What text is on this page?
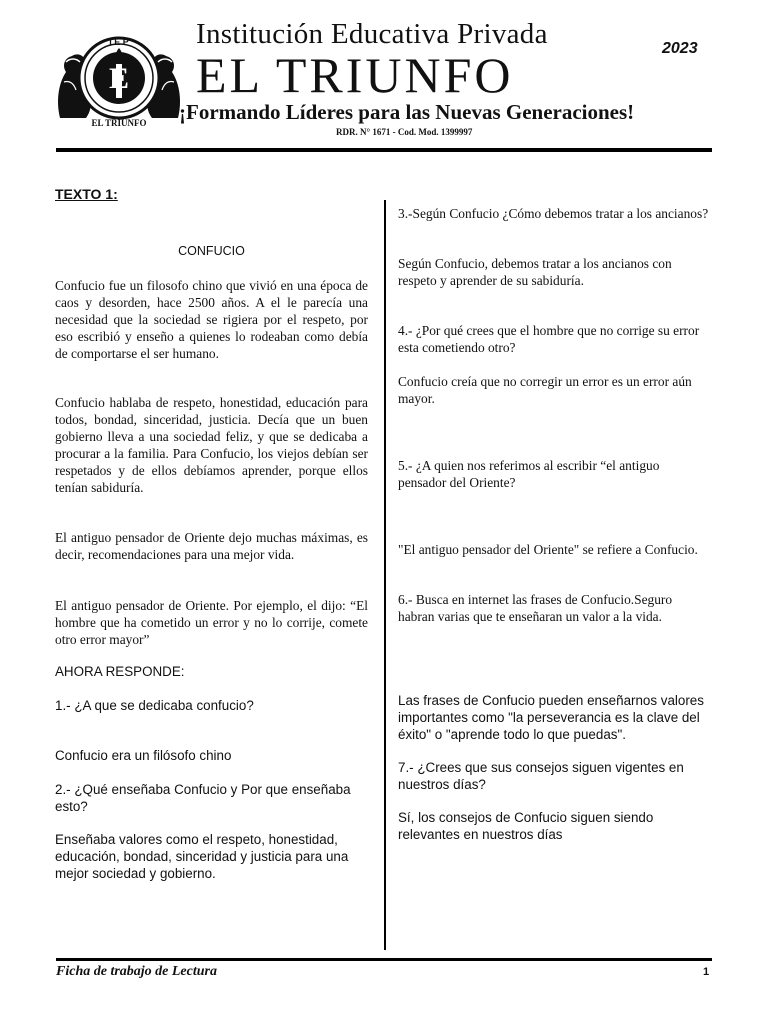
E
I E P
EL TRIUNFO
Institución Educativa Privada	2023
EL TRIUNFO
¡Formando Líderes para las Nuevas Generaciones!
RDR. N° 1671 - Cod. Mod. 1399997
TEXTO 1:
CONFUCIO

Confucio fue un filosofo chino que vivió en una época de caos y desorden, hace 2500 años. A el le parecía una necesidad que la sociedad se rigiera por el respeto, por eso escribió y enseño a quienes lo rodeaban como debía de comportarse el ser humano.

Confucio hablaba de respeto, honestidad, educación para todos, bondad, sinceridad, justicia. Decía que un buen gobierno lleva a una sociedad feliz, y que se dedicaba a procurar a la familia. Para Confucio, los viejos debían ser respetados y de ellos debíamos aprender, porque ellos tenían sabiduría.

El antiguo pensador de Oriente dejo muchas máximas, es decir, recomendaciones para una mejor vida.

El antiguo pensador de Oriente. Por ejemplo, el dijo: “El hombre que ha cometido un error y no lo corrije, comete otro error mayor”

AHORA RESPONDE:

1.- ¿A que se dedicaba confucio?

Confucio era un filósofo chino

2.- ¿Qué enseñaba Confucio y Por que enseñaba esto?

Enseñaba valores como el respeto, honestidad, educación, bondad, sinceridad y justicia para una mejor sociedad y gobierno.

3.-Según Confucio ¿Cómo debemos tratar a los ancianos?

Según Confucio, debemos tratar a los ancianos con respeto y aprender de su sabiduría.

4.- ¿Por qué crees que el hombre que no corrige su error esta cometiendo otro?

Confucio creía que no corregir un error es un error aún mayor.

5.- ¿A quien nos referimos al escribir “el antiguo pensador del Oriente?

"El antiguo pensador del Oriente" se refiere a Confucio.

6.- Busca en internet las frases de Confucio.Seguro habran varias que te enseñaran un valor a la vida.

Las frases de Confucio pueden enseñarnos valores importantes como "la perseverancia es la clave del éxito" o "aprende todo lo que puedas".

7.- ¿Crees que sus consejos siguen vigentes en nuestros días?

Sí, los consejos de Confucio siguen siendo relevantes en nuestros días

Ficha de trabajo de Lectura	1
